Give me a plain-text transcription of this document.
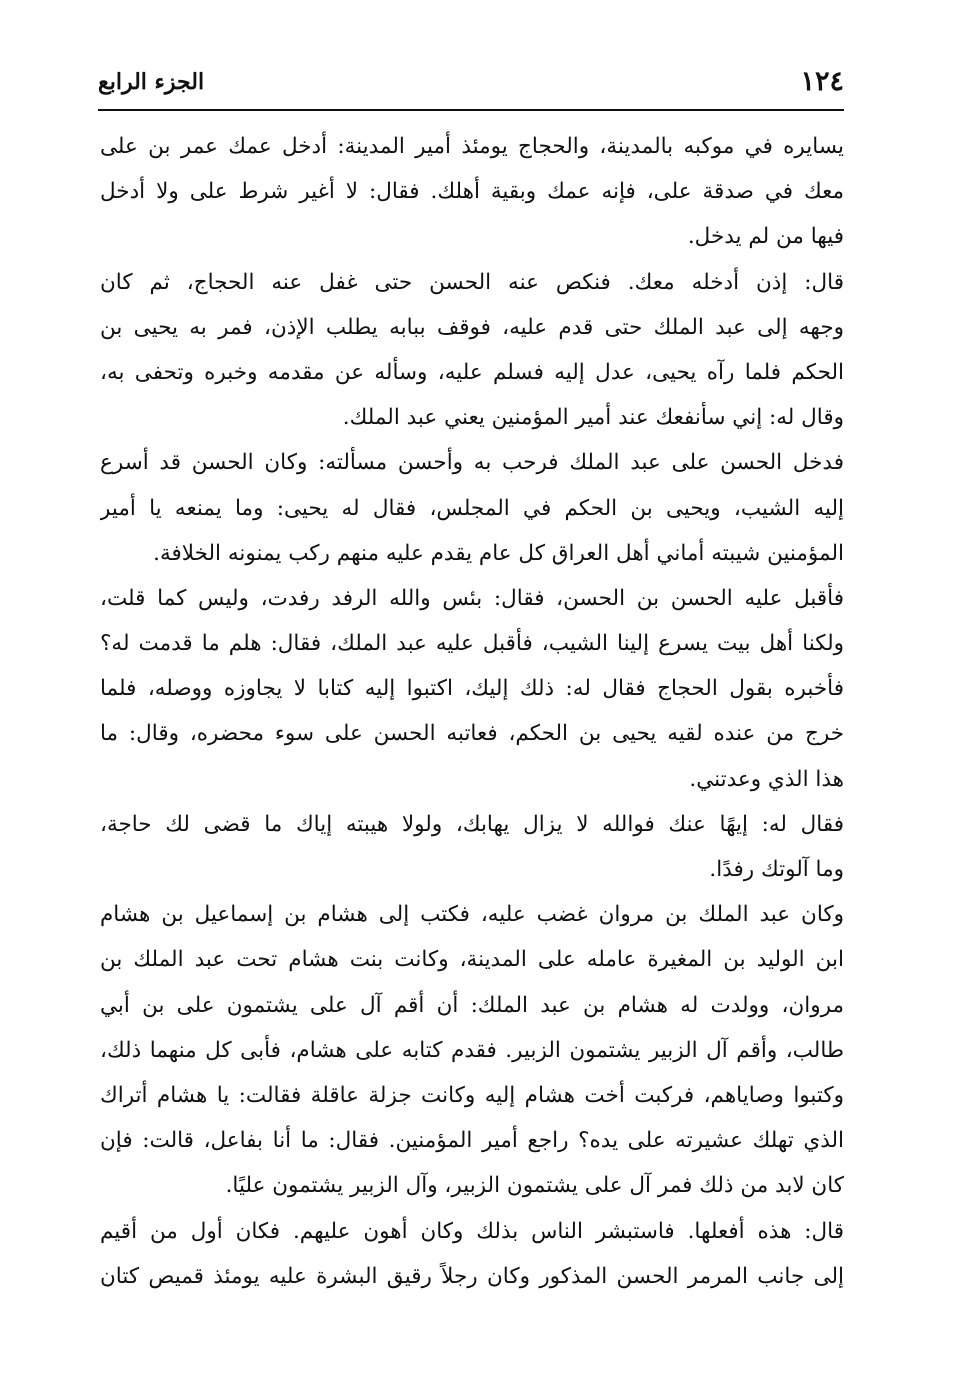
١٢٤
الجزء الرابع
يسايره في موكبه بالمدينة، والحجاج يومئذ أمير المدينة: أدخل عمك عمر بن على
معك في صدقة على، فإنه عمك وبقية أهلك. فقال: لا أغير شرط على ولا أدخل
فيها من لم يدخل.
قال: إذن أدخله معك. فنكص عنه الحسن حتى غفل عنه الحجاج، ثم كان
وجهه إلى عبد الملك حتى قدم عليه، فوقف ببابه يطلب الإذن، فمر به يحيى بن
الحكم فلما رآه يحيى، عدل إليه فسلم عليه، وسأله عن مقدمه وخبره وتحفى به،
وقال له: إني سأنفعك عند أمير المؤمنين يعني عبد الملك.
فدخل الحسن على عبد الملك فرحب به وأحسن مسألته: وكان الحسن قد أسرع
إليه الشيب، ويحيى بن الحكم في المجلس، فقال له يحيى: وما يمنعه يا أمير
المؤمنين شيبته أماني أهل العراق كل عام يقدم عليه منهم ركب يمنونه الخلافة.
فأقبل عليه الحسن بن الحسن، فقال: بئس والله الرفد رفدت، وليس كما قلت،
ولكنا أهل بيت يسرع إلينا الشيب، فأقبل عليه عبد الملك، فقال: هلم ما قدمت له؟
فأخبره بقول الحجاج فقال له: ذلك إليك، اكتبوا إليه كتابا لا يجاوزه ووصله، فلما
خرج من عنده لقيه يحيى بن الحكم، فعاتبه الحسن على سوء محضره، وقال: ما
هذا الذي وعدتني.
فقال له: إيهًا عنك فوالله لا يزال يهابك، ولولا هيبته إياك ما قضى لك حاجة،
وما آلوتك رفدًا.
وكان عبد الملك بن مروان غضب عليه، فكتب إلى هشام بن إسماعيل بن هشام
ابن الوليد بن المغيرة عامله على المدينة، وكانت بنت هشام تحت عبد الملك بن
مروان، وولدت له هشام بن عبد الملك: أن أقم آل على يشتمون على بن أبي
طالب، وأقم آل الزبير يشتمون الزبير. فقدم كتابه على هشام، فأبى كل منهما ذلك،
وكتبوا وصاياهم، فركبت أخت هشام إليه وكانت جزلة عاقلة فقالت: يا هشام أتراك
الذي تهلك عشيرته على يده؟ راجع أمير المؤمنين. فقال: ما أنا بفاعل، قالت: فإن
كان لابد من ذلك فمر آل على يشتمون الزبير، وآل الزبير يشتمون عليًا.
قال: هذه أفعلها. فاستبشر الناس بذلك وكان أهون عليهم. فكان أول من أقيم
إلى جانب المرمر الحسن المذكور وكان رجلاً رقيق البشرة عليه يومئذ قميص كتان
